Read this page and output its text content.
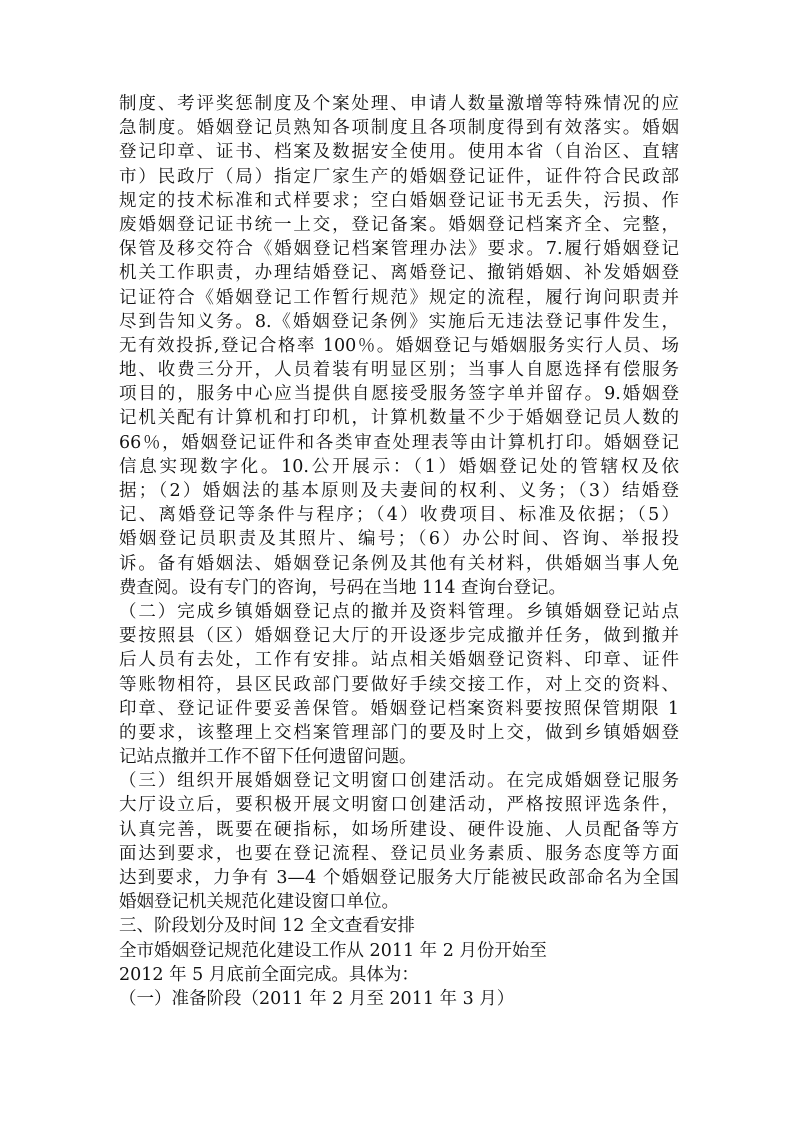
制度、考评奖惩制度及个案处理、申请人数量激增等特殊情况的应
急制度。婚姻登记员熟知各项制度且各项制度得到有效落实。婚姻
登记印章、证书、档案及数据安全使用。使用本省（自治区、直辖
市）民政厅（局）指定厂家生产的婚姻登记证件，证件符合民政部
规定的技术标准和式样要求；空白婚姻登记证书无丢失，污损、作
废婚姻登记证书统一上交，登记备案。婚姻登记档案齐全、完整，
保管及移交符合《婚姻登记档案管理办法》要求。7.履行婚姻登记
机关工作职责，办理结婚登记、离婚登记、撤销婚姻、补发婚姻登
记证符合《婚姻登记工作暂行规范》规定的流程，履行询问职责并
尽到告知义务。8.《婚姻登记条例》实施后无违法登记事件发生，
无有效投拆,登记合格率 100％。婚姻登记与婚姻服务实行人员、场
地、收费三分开，人员着装有明显区别；当事人自愿选择有偿服务
项目的，服务中心应当提供自愿接受服务签字单并留存。9.婚姻登
记机关配有计算机和打印机，计算机数量不少于婚姻登记员人数的
66％，婚姻登记证件和各类审查处理表等由计算机打印。婚姻登记
信息实现数字化。10.公开展示：（1）婚姻登记处的管辖权及依
据；（2）婚姻法的基本原则及夫妻间的权利、义务；（3）结婚登
记、离婚登记等条件与程序；（4）收费项目、标准及依据；（5）
婚姻登记员职责及其照片、编号；（6）办公时间、咨询、举报投
诉。备有婚姻法、婚姻登记条例及其他有关材料，供婚姻当事人免
费查阅。设有专门的咨询，号码在当地 114 查询台登记。
（二）完成乡镇婚姻登记点的撤并及资料管理。乡镇婚姻登记站点
要按照县（区）婚姻登记大厅的开设逐步完成撤并任务，做到撤并
后人员有去处，工作有安排。站点相关婚姻登记资料、印章、证件
等账物相符，县区民政部门要做好手续交接工作，对上交的资料、
印章、登记证件要妥善保管。婚姻登记档案资料要按照保管期限 1
的要求，该整理上交档案管理部门的要及时上交，做到乡镇婚姻登
记站点撤并工作不留下任何遗留问题。
（三）组织开展婚姻登记文明窗口创建活动。在完成婚姻登记服务
大厅设立后，要积极开展文明窗口创建活动，严格按照评选条件，
认真完善，既要在硬指标，如场所建设、硬件设施、人员配备等方
面达到要求，也要在登记流程、登记员业务素质、服务态度等方面
达到要求，力争有 3—4 个婚姻登记服务大厅能被民政部命名为全国
婚姻登记机关规范化建设窗口单位。
三、阶段划分及时间 12 全文查看安排
全市婚姻登记规范化建设工作从 2011 年 2 月份开始至
2012 年 5 月底前全面完成。具体为：
（一）准备阶段（2011 年 2 月至 2011 年 3 月）
